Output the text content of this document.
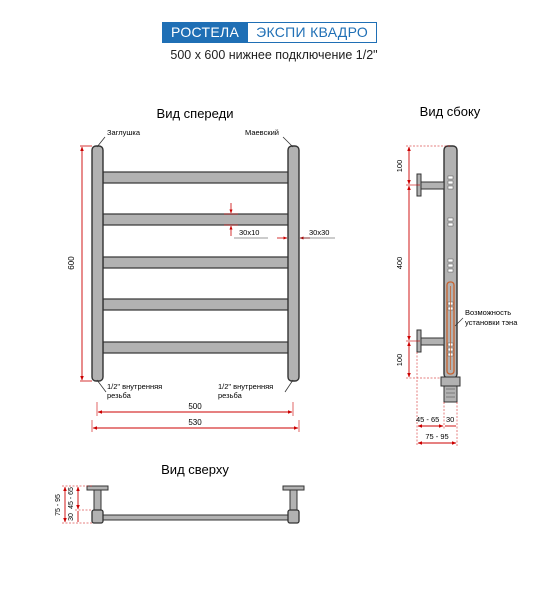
РОСТЕЛА	ЭКСПИ КВАДРО
500 x 600 нижнее подключение 1/2"
Вид спереди
Заглушка	Маевский
1/2" внутренняя
резьба
1/2" внутренняя
резьба
600
30x10	30x30
500
530
Вид сбоку
100
400
100
Возможность
установки тэна
45 - 65 30
75 - 95
Вид сверху
75 - 95 45 - 65
30
